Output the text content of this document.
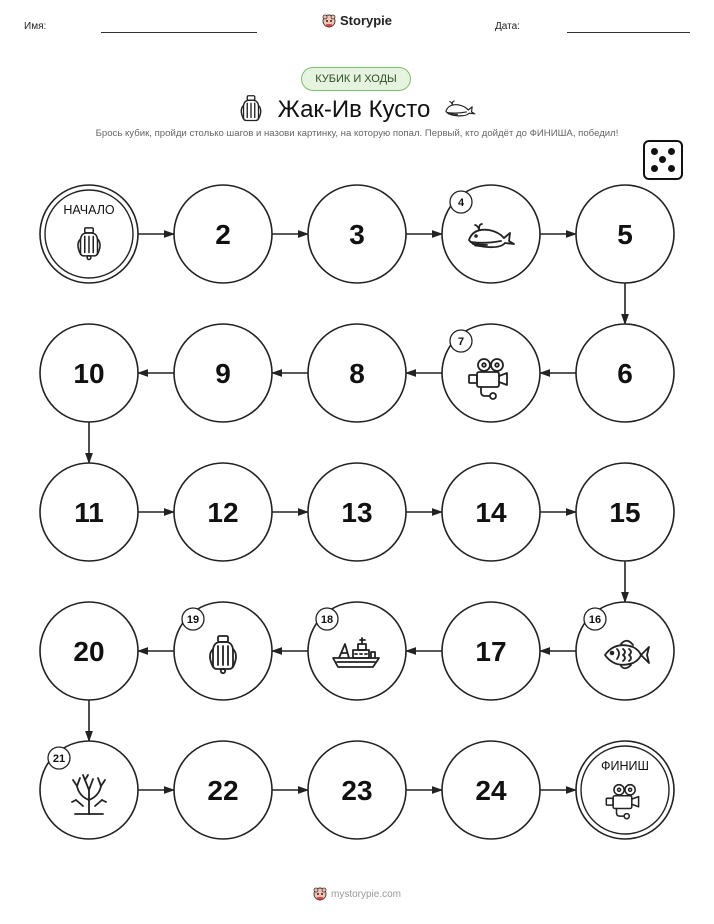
Имя:	Storypie	Дата:
КУБИК И ХОДЫ
Жак-Ив Кусто
Брось кубик, пройди столько шагов и назови картинку, на которую попал. Первый, кто дойдёт до ФИНИША, победил!
НАЧАЛО
2	3
4
5
6
7
8
9
10
11	12	13	14	15
16
17
18
19
20
21
22	23	24
ФИНИШ
mystorypie.com
